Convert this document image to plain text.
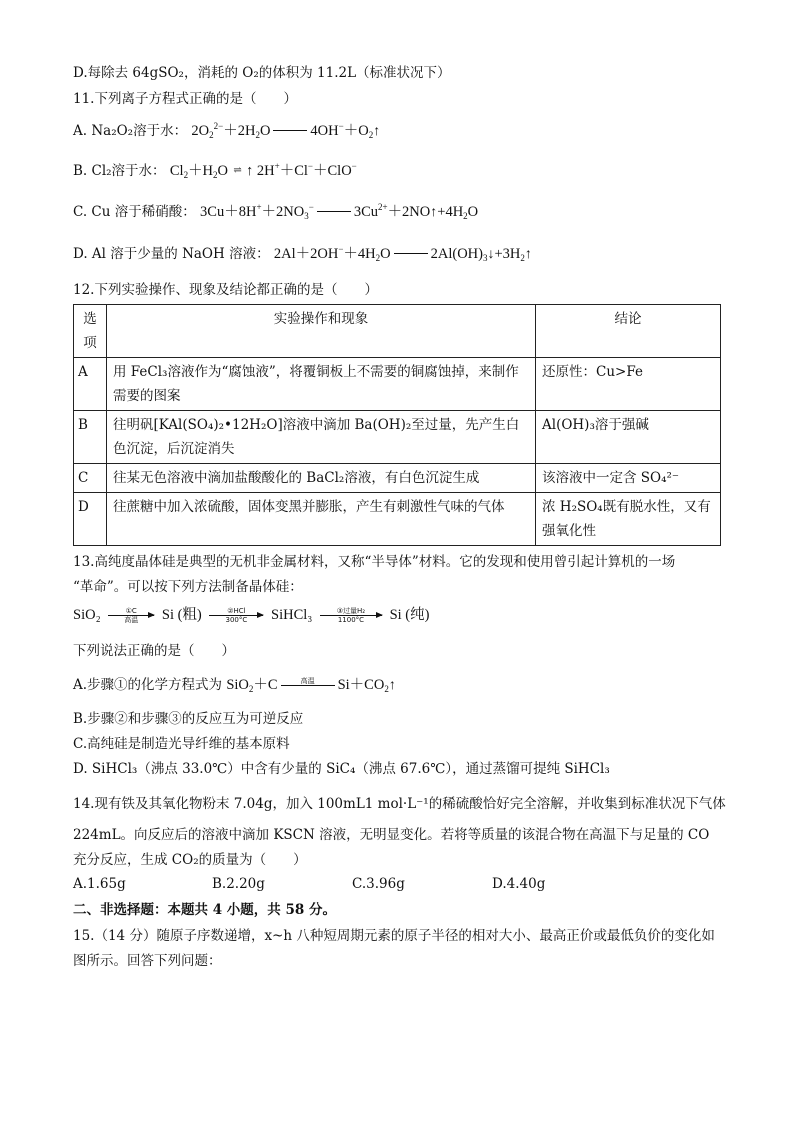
D.每除去 64gSO₂，消耗的 O₂的体积为 11.2L（标准状况下）
11.下列离子方程式正确的是（　　）
A. Na₂O₂溶于水： $2O_2^{2-}+2H_2O$	$4OH^-+O_2↑$
B. Cl₂溶于水： $Cl_2+H_2O$ ⇌ ↑ 2H+＋Cl−＋ClO−
C. Cu 溶于稀硝酸： $3Cu+8H^++2NO_3^-$	$3Cu^{2+}+2NO↑+4H_2O$
D. Al 溶于少量的 NaOH 溶液： $2Al+2OH^-+4H_2O$	$2Al(OH)_3↓+3H_2↑$
12.下列实验操作、现象及结论都正确的是（　　）
选项	实验操作和现象	结论
A	用 FeCl₃溶液作为“腐蚀液”，将覆铜板上不需要的铜腐蚀掉，来制作需要的图案	还原性：Cu>Fe
B	往明矾[KAl(SO₄)₂•12H₂O]溶液中滴加 Ba(OH)₂至过量，先产生白色沉淀，后沉淀消失	Al(OH)₃溶于强碱
C	往某无色溶液中滴加盐酸酸化的 BaCl₂溶液，有白色沉淀生成	该溶液中一定含 SO₄²⁻
D	往蔗糖中加入浓硫酸，固体变黑并膨胀，产生有刺激性气味的气体	浓 H₂SO₄既有脱水性，又有强氧化性
13.高纯度晶体硅是典型的无机非金属材料，又称“半导体”材料。它的发现和使用曾引起计算机的一场
“革命”。可以按下列方法制备晶体硅：
SiO₂	①C
高温	Si (粗)	②HCl
300°C	SiHCl₃	③过量H₂
1100°C	Si (纯)
下列说法正确的是（　　）
A.步骤①的化学方程式为 SiO$_2$＋C	高温
	$Si+CO_2↑$
B.步骤②和步骤③的反应互为可逆反应
C.高纯硅是制造光导纤维的基本原料
D. SiHCl₃（沸点 33.0℃）中含有少量的 SiC₄（沸点 67.6℃），通过蒸馏可提纯 SiHCl₃
14.现有铁及其氧化物粉末 7.04g，加入 100mL1 mol·L⁻¹的稀硫酸恰好完全溶解，并收集到标准状况下气体
224mL。向反应后的溶液中滴加 KSCN 溶液，无明显变化。若将等质量的该混合物在高温下与足量的 CO
充分反应，生成 CO₂的质量为（　　）
A.1.65g	B.2.20g	C.3.96g	D.4.40g
二、非选择题：本题共 4 小题，共 58 分。
15.（14 分）随原子序数递增，x~h 八种短周期元素的原子半径的相对大小、最高正价或最低负价的变化如
图所示。回答下列问题：
